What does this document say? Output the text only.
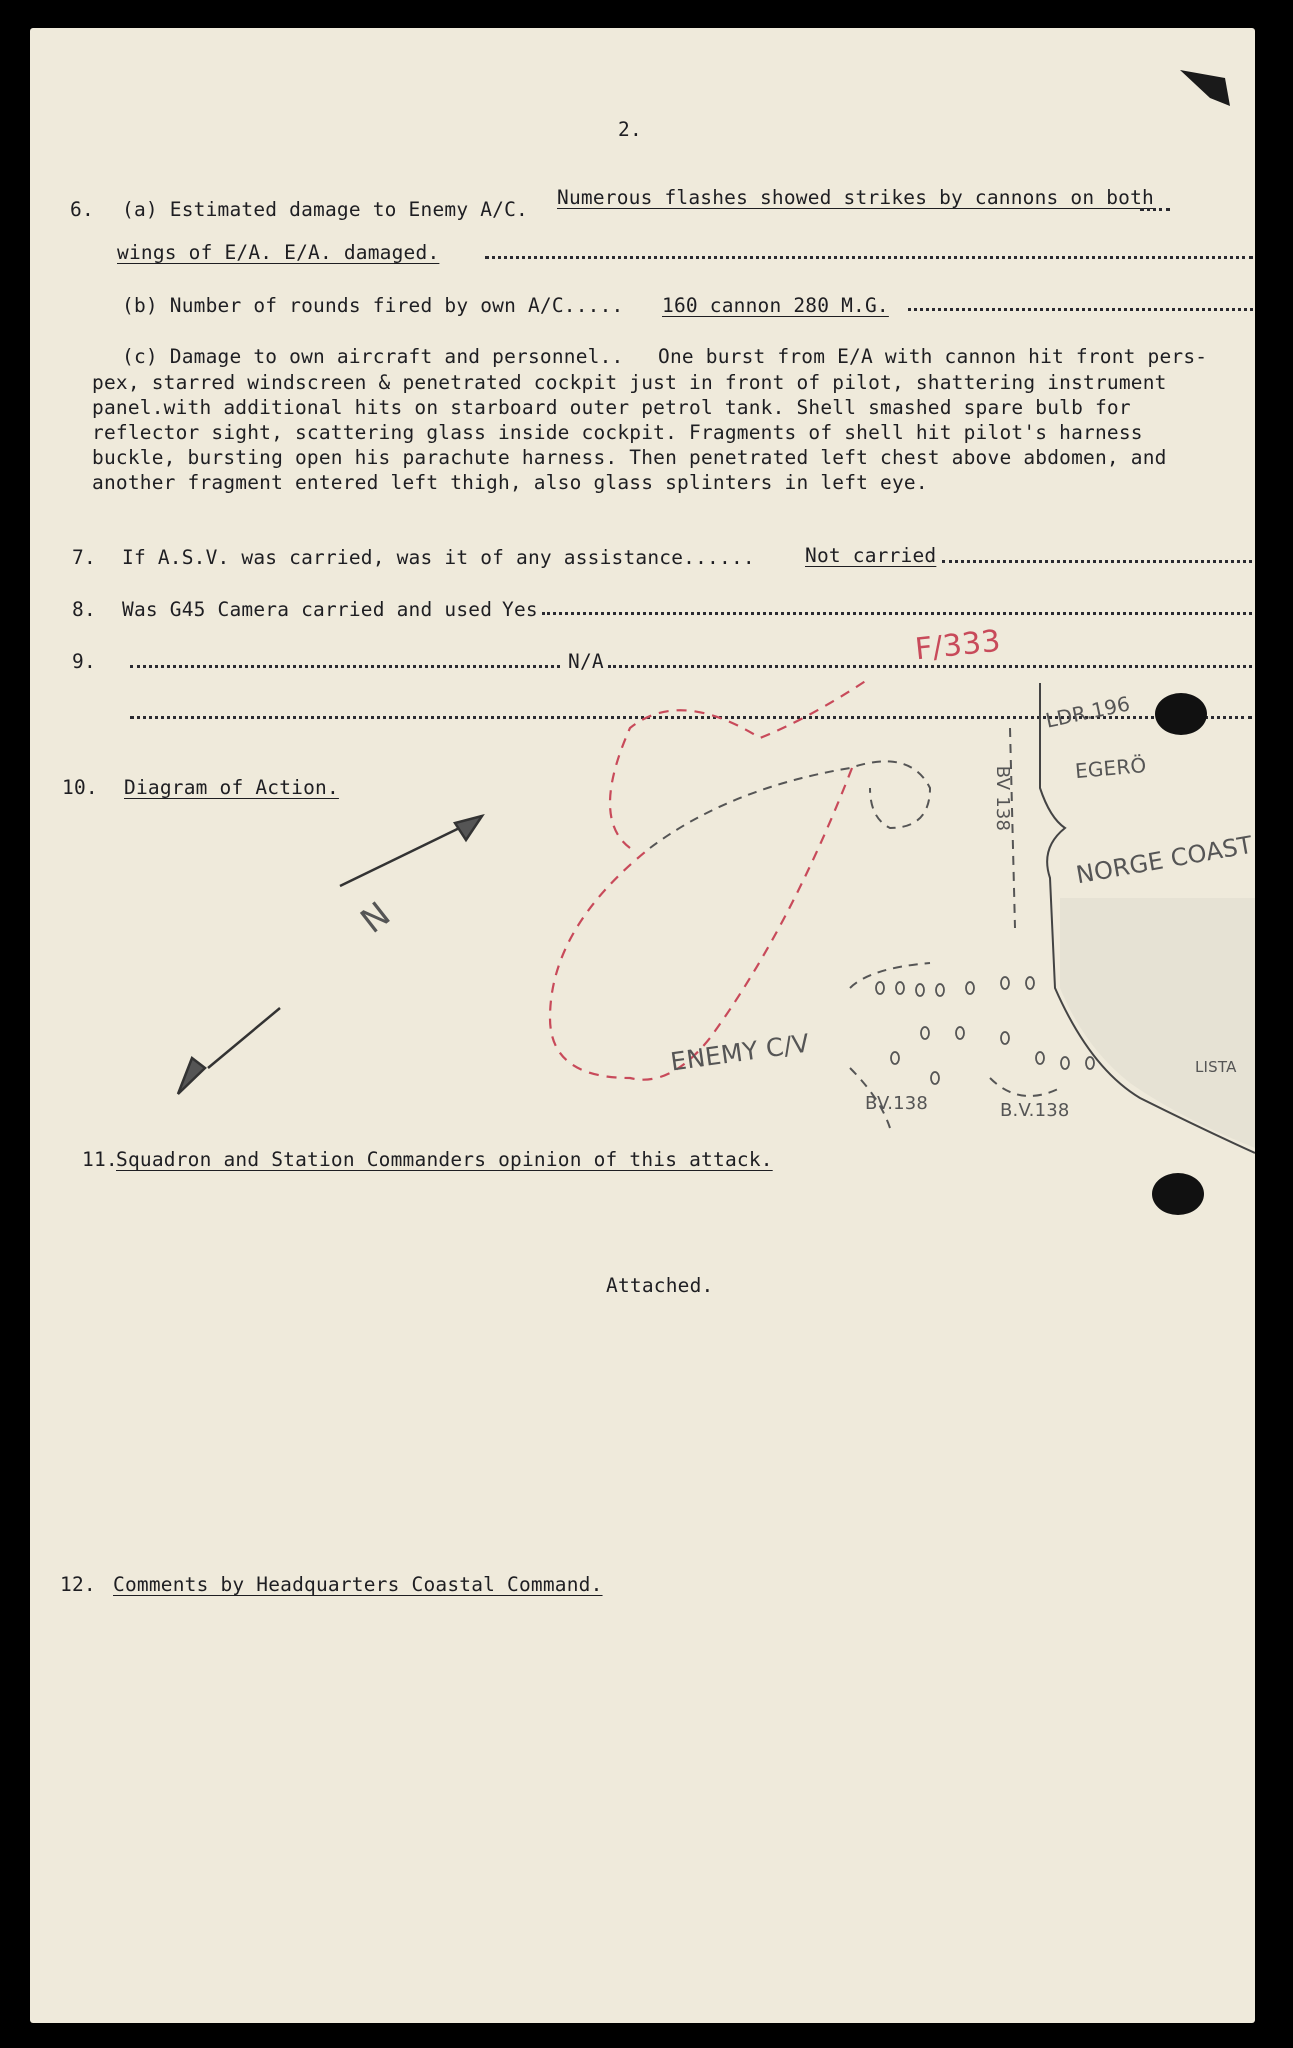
2.
6. (a) Estimated damage to Enemy A/C.
Numerous flashes showed strikes by cannons on both
wings of E/A. E/A. damaged.
(b) Number of rounds fired by own A/C..... 160 cannon 280 M.G.
(c) Damage to own aircraft and personnel.. One burst from E/A with cannon hit front pers-
pex, starred windscreen & penetrated cockpit just in front of pilot, shattering instrument
panel.with additional hits on starboard outer petrol tank. Shell smashed spare bulb for
reflector sight, scattering glass inside cockpit. Fragments of shell hit pilot's harness
buckle, bursting open his parachute harness. Then penetrated left chest above abdomen, and
another fragment entered left thigh, also glass splinters in left eye.
7. If A.S.V. was carried, was it of any assistance......	Not carried
8. Was G45 Camera carried and used Yes
9.	N/A
10. Diagram of Action.
N
LDR.196
EGERÖ
NORGE COAST
LISTA
ENEMY C/V
BV 138
BV.138	B.V.138
F/333
11.
Squadron and Station Commanders opinion of this attack.
Attached.
12. Comments by Headquarters Coastal Command.
